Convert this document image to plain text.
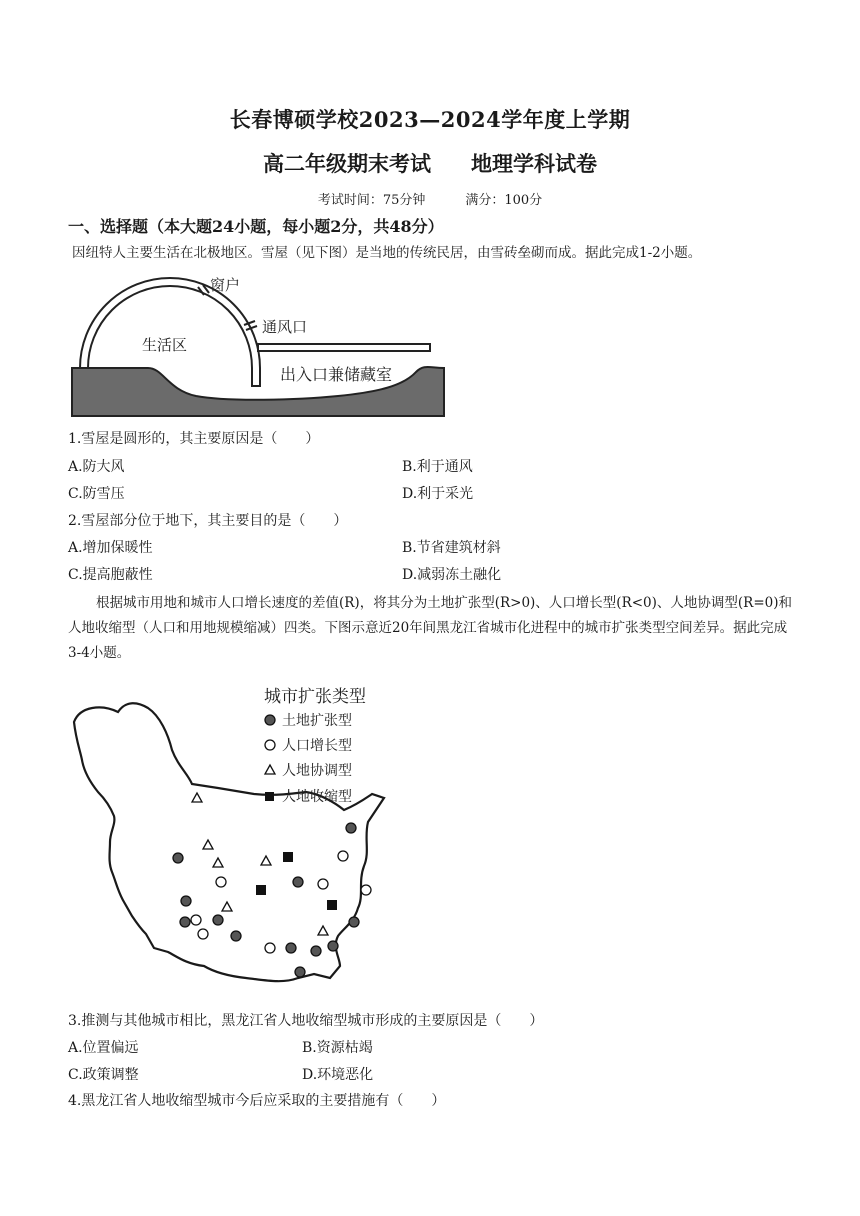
长春博硕学校2023—2024学年度上学期
高二年级期末考试 地理学科试卷
考试时间：75分钟	满分：100分
一、选择题（本大题24小题，每小题2分，共48分）
因纽特人主要生活在北极地区。雪屋（见下图）是当地的传统民居，由雪砖垒砌而成。据此完成1-2小题。
窗户
通风口
生活区
出入口兼储藏室
1.雪屋是圆形的，其主要原因是（　　）
A.防大风	B.利于通风
C.防雪压	D.利于采光
2.雪屋部分位于地下，其主要目的是（　　）
A.增加保暖性	B.节省建筑材斜
C.提高胞蔽性	D.减弱冻土融化
根据城市用地和城市人口增长速度的差值(R)，将其分为土地扩张型(R>0)、人口增长型(R<0)、人地协调型(R=0)和人地收缩型（人口和用地规模缩减）四类。下图示意近20年间黑龙江省城市化进程中的城市扩张类型空间差异。据此完成3-4小题。
城市扩张类型
土地扩张型
人口增长型
人地协调型
人地收缩型
3.推测与其他城市相比，黑龙江省人地收缩型城市形成的主要原因是（　　）
A.位置偏远	B.资源枯竭
C.政策调整	D.环境恶化
4.黑龙江省人地收缩型城市今后应采取的主要措施有（　　）
